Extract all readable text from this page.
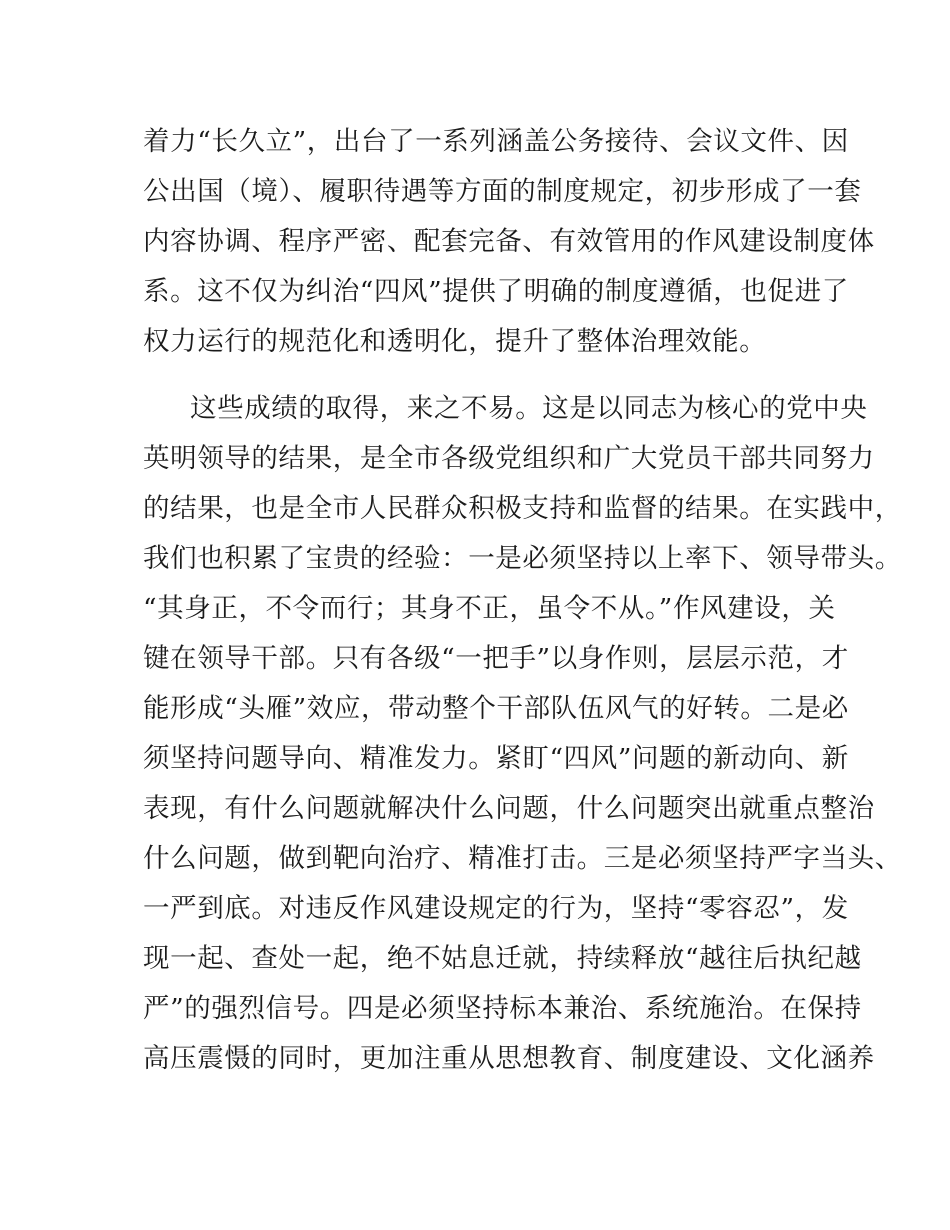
着力“长久立”，出台了一系列涵盖公务接待、会议文件、因
公出国（境）、履职待遇等方面的制度规定，初步形成了一套
内容协调、程序严密、配套完备、有效管用的作风建设制度体
系。这不仅为纠治“四风”提供了明确的制度遵循，也促进了
权力运行的规范化和透明化，提升了整体治理效能。
这些成绩的取得，来之不易。这是以同志为核心的党中央
英明领导的结果，是全市各级党组织和广大党员干部共同努力
的结果，也是全市人民群众积极支持和监督的结果。在实践中，
我们也积累了宝贵的经验：一是必须坚持以上率下、领导带头。
“其身正，不令而行；其身不正，虽令不从。”作风建设，关
键在领导干部。只有各级“一把手”以身作则，层层示范，才
能形成“头雁”效应，带动整个干部队伍风气的好转。二是必
须坚持问题导向、精准发力。紧盯“四风”问题的新动向、新
表现，有什么问题就解决什么问题，什么问题突出就重点整治
什么问题，做到靶向治疗、精准打击。三是必须坚持严字当头、
一严到底。对违反作风建设规定的行为，坚持“零容忍”，发
现一起、查处一起，绝不姑息迁就，持续释放“越往后执纪越
严”的强烈信号。四是必须坚持标本兼治、系统施治。在保持
高压震慑的同时，更加注重从思想教育、制度建设、文化涵养
